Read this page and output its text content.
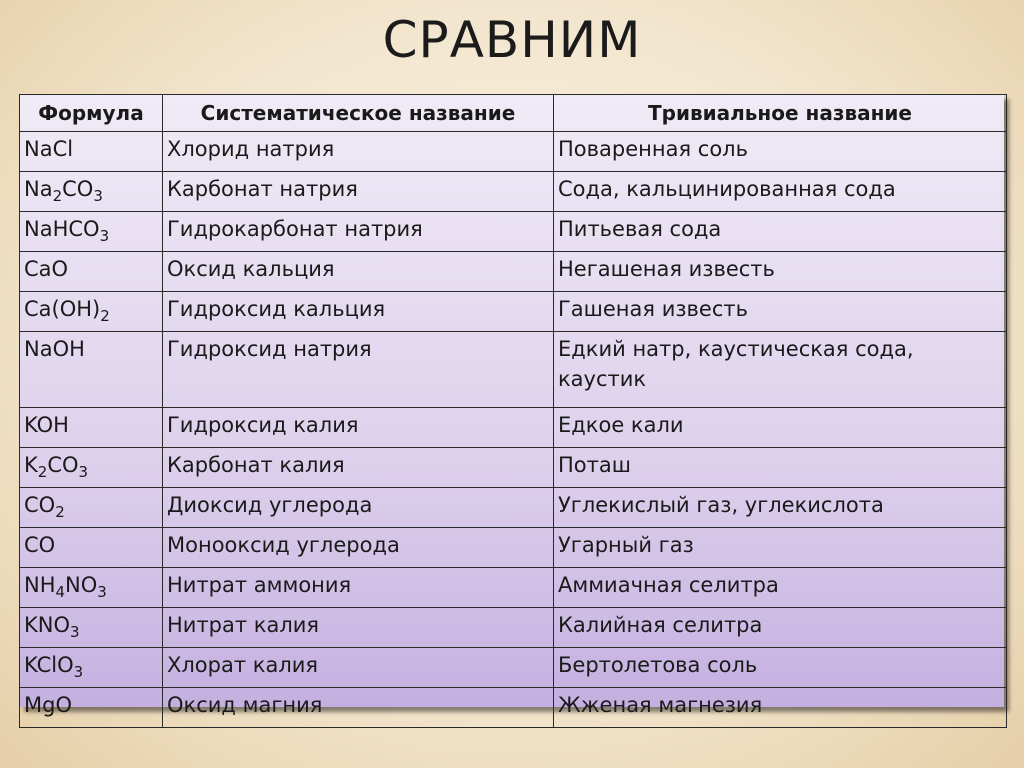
СРАВНИМ
Формула	Систематическое название	Тривиальное название
NaCl	Хлорид натрия	Поваренная соль
$Na_2CO_3$	Карбонат натрия	Сода, кальцинированная сода
NaHCO$_3$	Гидрокарбонат натрия	Питьевая сода
CaO	Оксид кальция	Негашеная известь
$Ca(OH)_2$	Гидроксид кальция	Гашеная известь
NaOH	Гидроксид натрия	Едкий натр, каустическая сода, каустик
KOH	Гидроксид калия	Едкое кали
$K_2CO_3$	Карбонат калия	Поташ
$CO_2$	Диоксид углерода	Углекислый газ, углекислота
CO	Монооксид углерода	Угарный газ
$NH_4NO_3$	Нитрат аммония	Аммиачная селитра
$KNO_3$	Нитрат калия	Калийная селитра
KClO$_3$	Хлорат калия	Бертолетова соль
MgO	Оксид магния	Жженая магнезия
